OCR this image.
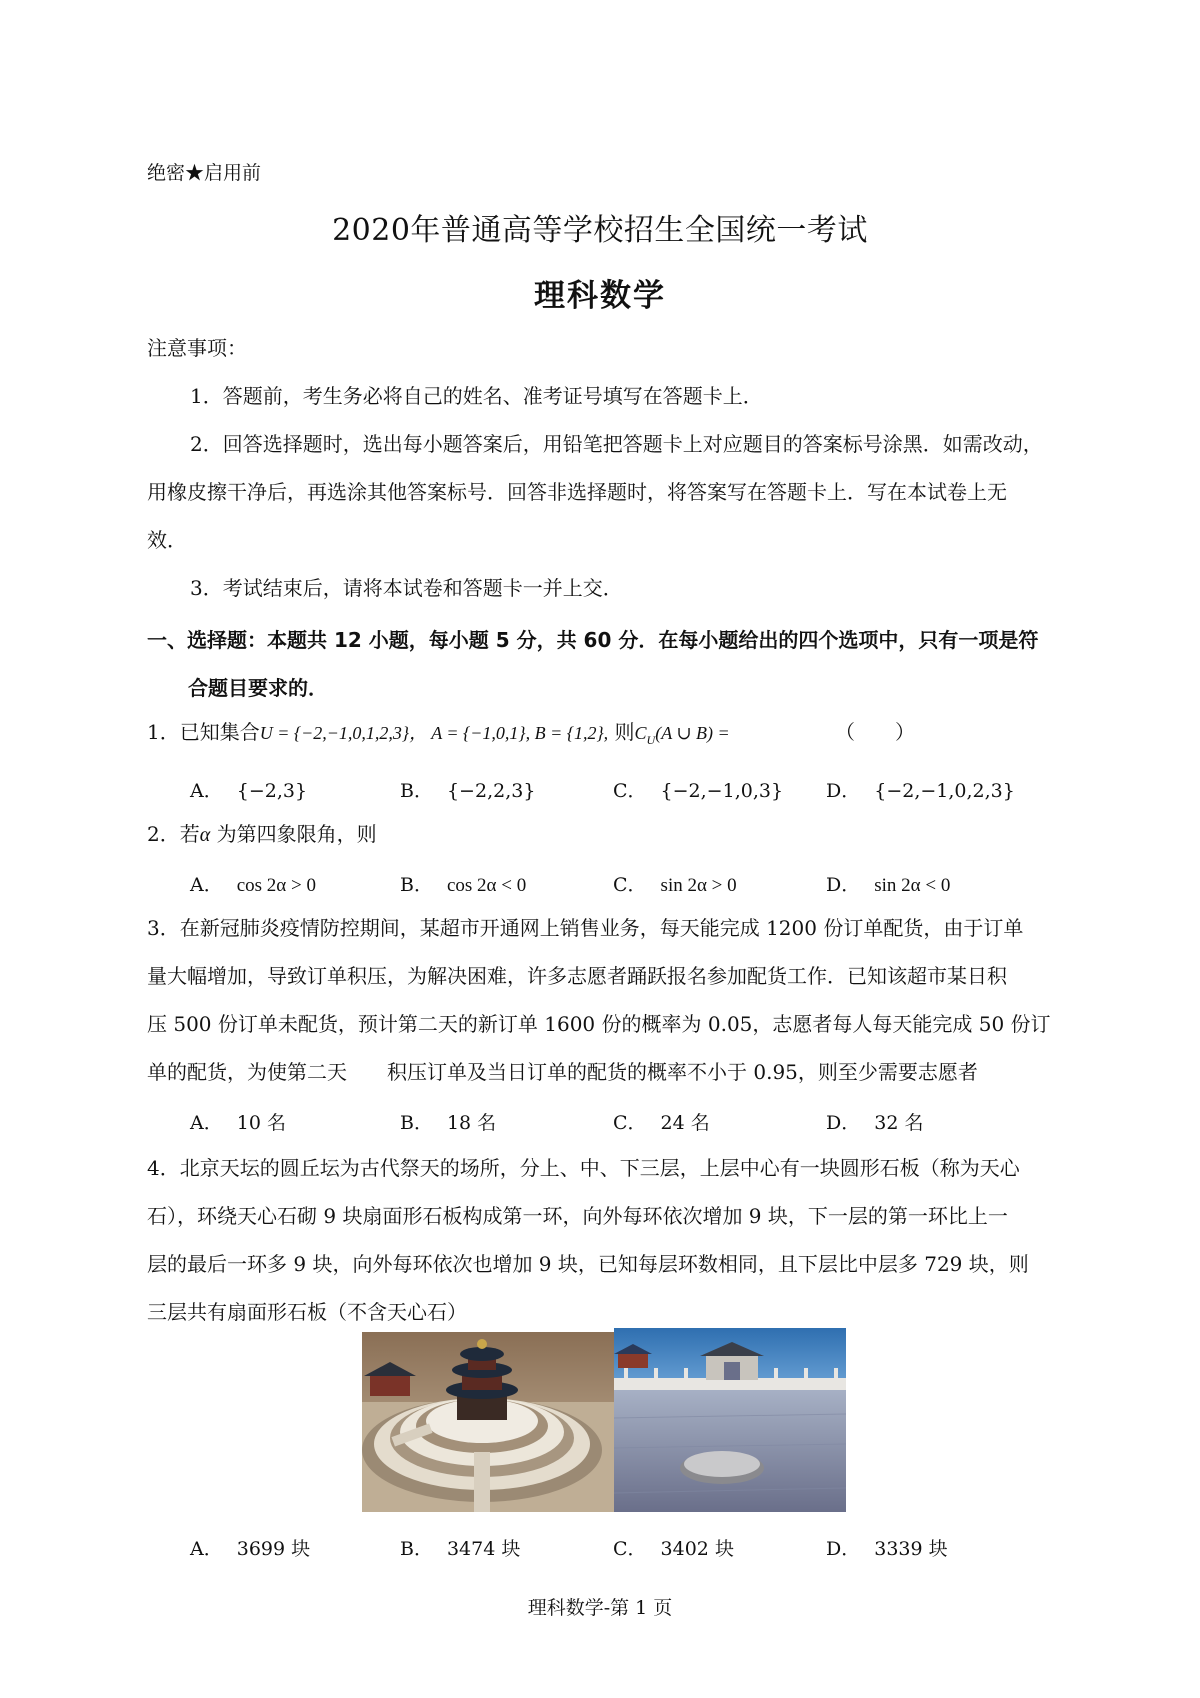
绝密★启用前
2020年普通高等学校招生全国统一考试
理科数学
注意事项：
1．答题前，考生务必将自己的姓名、准考证号填写在答题卡上．
2．回答选择题时，选出每小题答案后，用铅笔把答题卡上对应题目的答案标号涂黑．如需改动，
用橡皮擦干净后，再选涂其他答案标号．回答非选择题时，将答案写在答题卡上．写在本试卷上无
效．
3．考试结束后，请将本试卷和答题卡一并上交．
一、选择题：本题共 12 小题，每小题 5 分，共 60 分．在每小题给出的四个选项中，只有一项是符
合题目要求的．
1．已知集合U = {−2,−1,0,1,2,3}， A = {−1,0,1}, B = {1,2}, 则$C_U(A$ ∪ B) =	（　　）
A． {−2,3}	B． {−2,2,3}	C． {−2,−1,0,3} D． {−2,−1,0,2,3}
2．若α 为第四象限角，则
A． cos 2α > 0	B． cos 2α < 0	C． sin 2α > 0	D． sin 2α < 0
3．在新冠肺炎疫情防控期间，某超市开通网上销售业务，每天能完成 1200 份订单配货，由于订单
量大幅增加，导致订单积压，为解决困难，许多志愿者踊跃报名参加配货工作．已知该超市某日积
压 500 份订单未配货，预计第二天的新订单 1600 份的概率为 0.05，志愿者每人每天能完成 50 份订
单的配货，为使第二天　　积压订单及当日订单的配货的概率不小于 0.95，则至少需要志愿者
A． 10 名	B． 18 名	C． 24 名	D． 32 名
4．北京天坛的圆丘坛为古代祭天的场所，分上、中、下三层，上层中心有一块圆形石板（称为天心
石），环绕天心石砌 9 块扇面形石板构成第一环，向外每环依次增加 9 块，下一层的第一环比上一
层的最后一环多 9 块，向外每环依次也增加 9 块，已知每层环数相同，且下层比中层多 729 块，则
三层共有扇面形石板（不含天心石）
A． 3699 块	B． 3474 块	C． 3402 块	D． 3339 块
理科数学-第 1 页
